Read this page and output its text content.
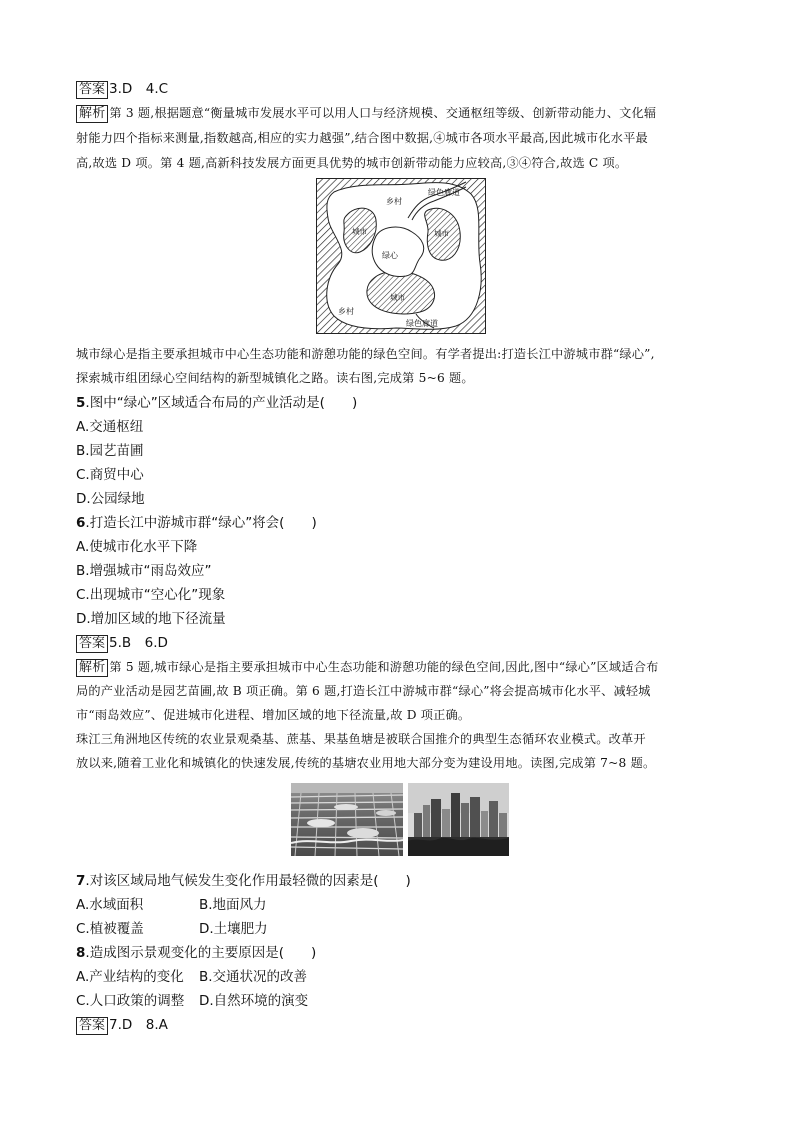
答案 3.D　4.C
解析 第 3 题,根据题意“衡量城市发展水平可以用人口与经济规模、交通枢纽等级、创新带动能力、文化辐
射能力四个指标来测量,指数越高,相应的实力越强”,结合图中数据,④城市各项水平最高,因此城市化水平最
高,故选 D 项。第 4 题,高新科技发展方面更具优势的城市创新带动能力应较高,③④符合,故选 C 项。
绿色廊道
乡村
城市	城市
绿心
城市
乡村
绿色廊道
城市绿心是指主要承担城市中心生态功能和游憩功能的绿色空间。有学者提出:打造长江中游城市群“绿心”,
探索城市组团绿心空间结构的新型城镇化之路。读右图,完成第 5~6 题。
5.图中“绿心”区域适合布局的产业活动是(　　)
A.交通枢纽
B.园艺苗圃
C.商贸中心
D.公园绿地
6.打造长江中游城市群“绿心”将会(　　)
A.使城市化水平下降
B.增强城市“雨岛效应”
C.出现城市“空心化”现象
D.增加区域的地下径流量
答案 5.B　6.D
解析 第 5 题,城市绿心是指主要承担城市中心生态功能和游憩功能的绿色空间,因此,图中“绿心”区域适合布
局的产业活动是园艺苗圃,故 B 项正确。第 6 题,打造长江中游城市群“绿心”将会提高城市化水平、减轻城
市“雨岛效应”、促进城市化进程、增加区域的地下径流量,故 D 项正确。
珠江三角洲地区传统的农业景观桑基、蔗基、果基鱼塘是被联合国推介的典型生态循环农业模式。改革开
放以来,随着工业化和城镇化的快速发展,传统的基塘农业用地大部分变为建设用地。读图,完成第 7~8 题。
7.对该区域局地气候发生变化作用最轻微的因素是(　　)
A.水域面积	B.地面风力
C.植被覆盖	D.土壤肥力
8.造成图示景观变化的主要原因是(　　)
A.产业结构的变化 B.交通状况的改善
C.人口政策的调整 D.自然环境的演变
答案 7.D　8.A
